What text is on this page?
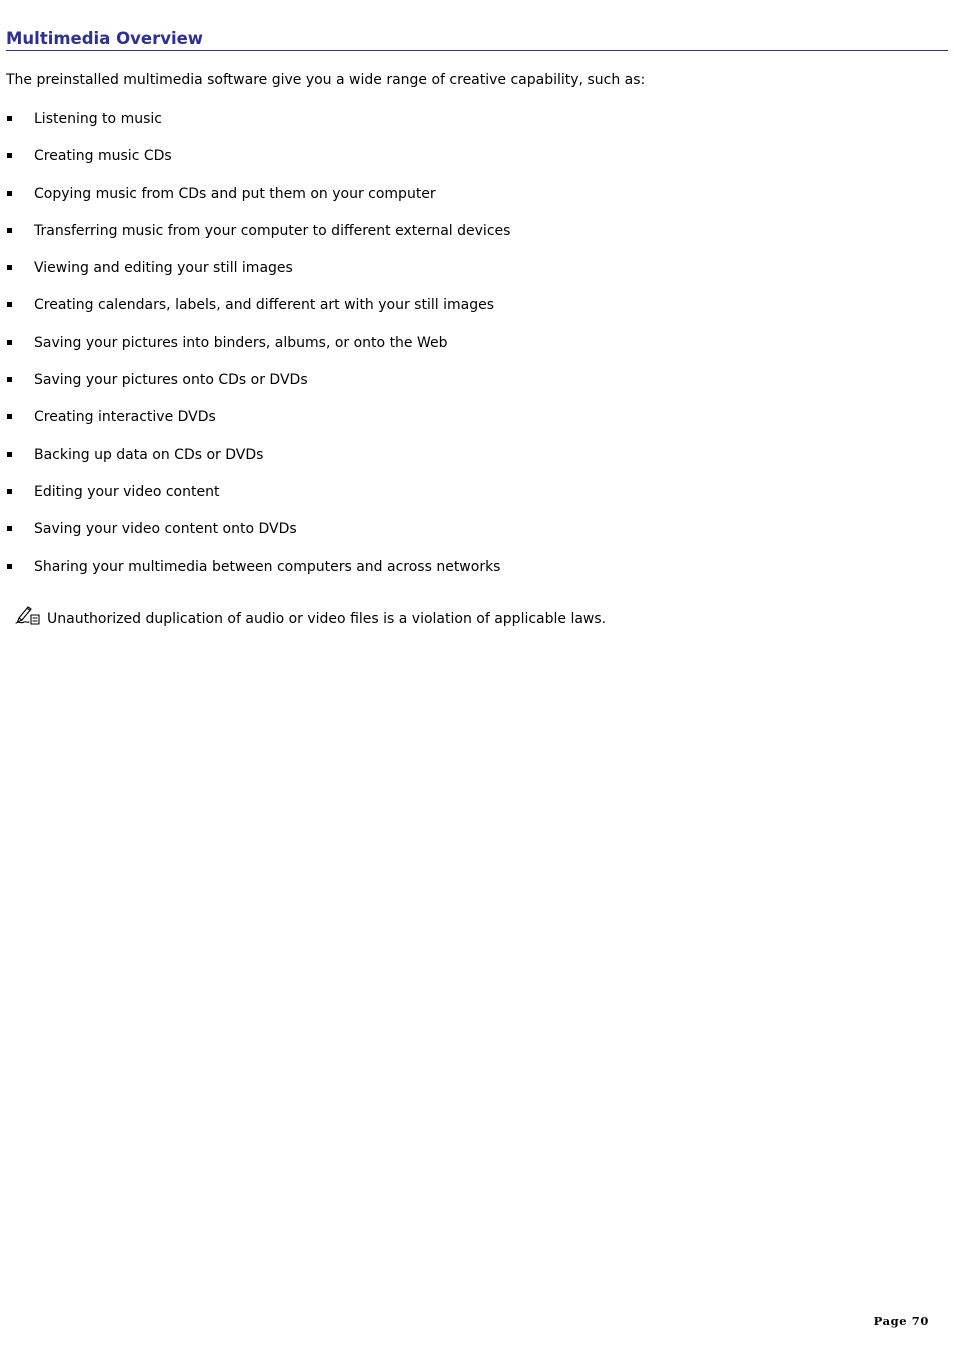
Multimedia Overview
The preinstalled multimedia software give you a wide range of creative capability, such as:
Listening to music
Creating music CDs
Copying music from CDs and put them on your computer
Transferring music from your computer to different external devices
Viewing and editing your still images
Creating calendars, labels, and different art with your still images
Saving your pictures into binders, albums, or onto the Web
Saving your pictures onto CDs or DVDs
Creating interactive DVDs
Backing up data on CDs or DVDs
Editing your video content
Saving your video content onto DVDs
Sharing your multimedia between computers and across networks
Unauthorized duplication of audio or video files is a violation of applicable laws.
Page 70
